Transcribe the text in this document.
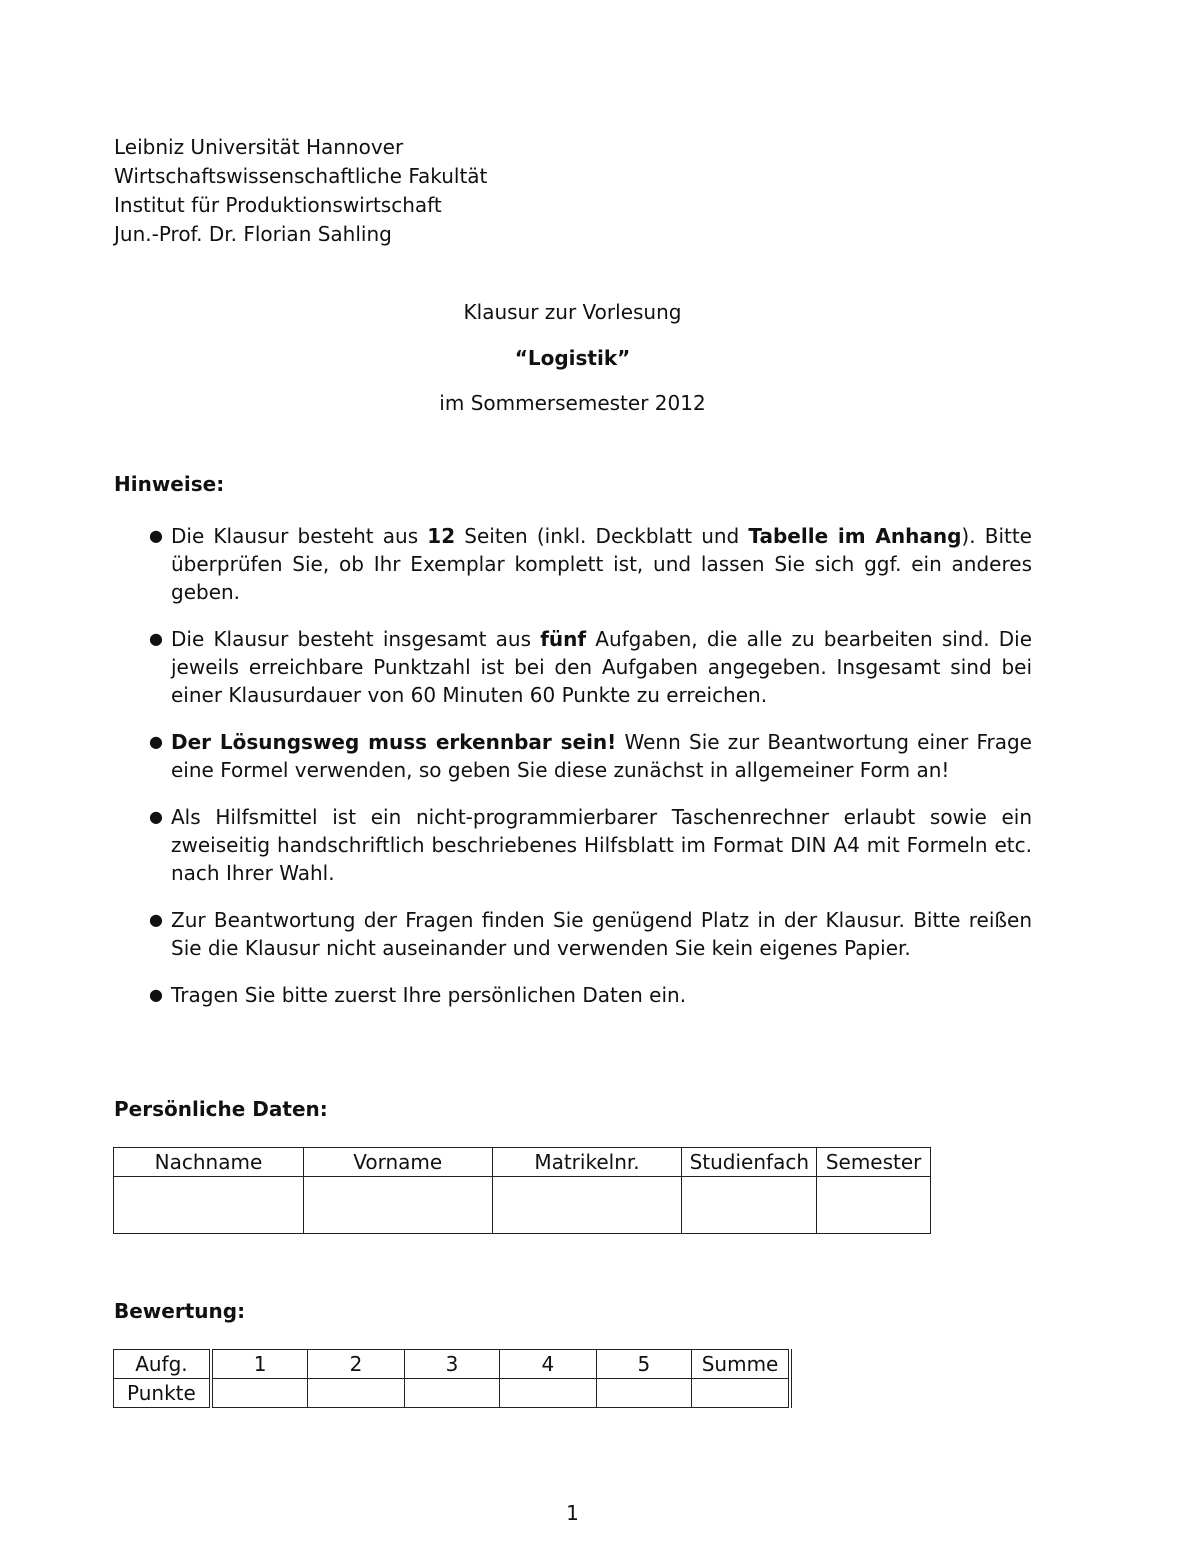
Leibniz Universität Hannover
Wirtschaftswissenschaftliche Fakultät
Institut für Produktionswirtschaft
Jun.-Prof. Dr. Florian Sahling
Klausur zur Vorlesung
“Logistik”
im Sommersemester 2012
Hinweise:
● Die Klausur besteht aus 12 Seiten (inkl. Deckblatt und Tabelle im Anhang). Bitte überprüfen Sie, ob Ihr Exemplar komplett ist, und lassen Sie sich ggf. ein anderes geben.
● Die Klausur besteht insgesamt aus fünf Aufgaben, die alle zu bearbeiten sind. Die jeweils erreichbare Punktzahl ist bei den Aufgaben angegeben. Insgesamt sind bei einer Klausurdauer von 60 Minuten 60 Punkte zu erreichen.
● Der Lösungsweg muss erkennbar sein! Wenn Sie zur Beantwortung einer Frage eine Formel verwenden, so geben Sie diese zunächst in allgemeiner Form an!
● Als Hilfsmittel ist ein nicht-programmierbarer Taschenrechner erlaubt sowie ein zweiseitig handschriftlich beschriebenes Hilfsblatt im Format DIN A4 mit Formeln etc. nach Ihrer Wahl.
● Zur Beantwortung der Fragen finden Sie genügend Platz in der Klausur. Bitte reißen Sie die Klausur nicht auseinander und verwenden Sie kein eigenes Papier.
● Tragen Sie bitte zuerst Ihre persönlichen Daten ein.
Persönliche Daten:
Nachname	Vorname	Matrikelnr.	Studienfach	Semester

Bewertung:
Aufg.	1	2	3	4	5	Summe
Punkte						
1
